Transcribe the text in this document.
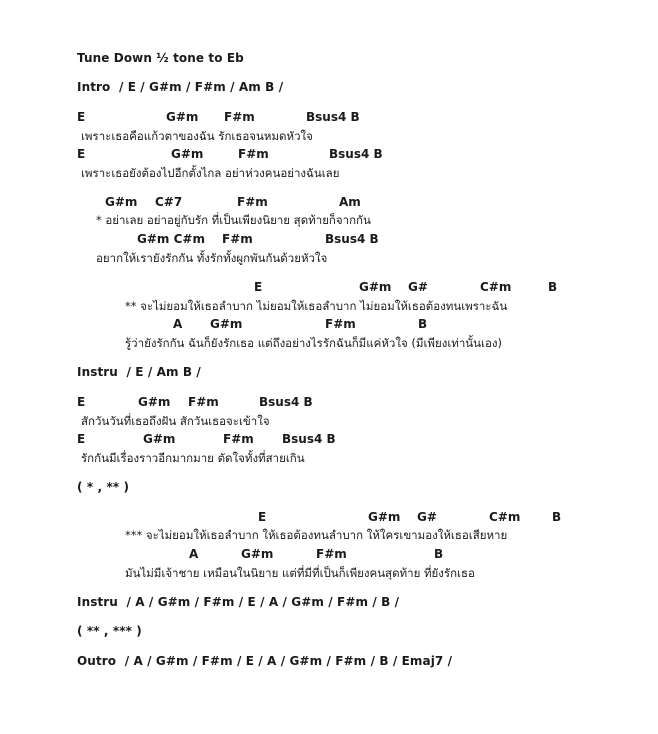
Tune Down ½ tone to Eb
Intro  / E / G#m / F#m / Am B /
E	G#m F#m	Bsus4 B
เพราะเธอคือแก้วตาของฉัน รักเธอจนหมดหัวใจ
E	G#m	F#m	Bsus4 B
เพราะเธอยังต้องไปอีกตั้งไกล อย่าห่วงคนอย่างฉันเลย
G#m C#7	F#m	Am
* อย่าเลย อย่าอยู่กับรัก ที่เป็นเพียงนิยาย สุดท้ายก็จากกัน
G#m C#m F#m	Bsus4 B
อยากให้เรายังรักกัน ทั้งรักทั้งผูกพันกันด้วยหัวใจ
E	G#m G#	C#m	B
** จะไม่ยอมให้เธอลำบาก ไม่ยอมให้เธอลำบาก ไม่ยอมให้เธอต้องทนเพราะฉัน
A G#m	F#m	B
รู้ว่ายังรักกัน ฉันก็ยังรักเธอ แต่ถึงอย่างไรรักฉันก็มีแค่หัวใจ (มีเพียงเท่านั้นเอง)
Instru  / E / Am B /
E	G#m F#m	Bsus4 B
สักวันวันที่เธอถึงฝัน สักวันเธอจะเข้าใจ
E	G#m	F#m Bsus4 B
รักกันมีเรื่องราวอีกมากมาย ตัดใจทั้งที่สายเกิน
( * , ** )
E	G#m G#	C#m	B
*** จะไม่ยอมให้เธอลำบาก ให้เธอต้องทนลำบาก ให้ใครเขามองให้เธอเสียหาย
A	G#m	F#m	B
มันไม่มีเจ้าชาย เหมือนในนิยาย แต่ที่มีที่เป็นก็เพียงคนสุดท้าย ที่ยังรักเธอ
Instru  / A / G#m / F#m / E / A / G#m / F#m / B /
( ** , *** )
Outro  / A / G#m / F#m / E / A / G#m / F#m / B / Emaj7 /
